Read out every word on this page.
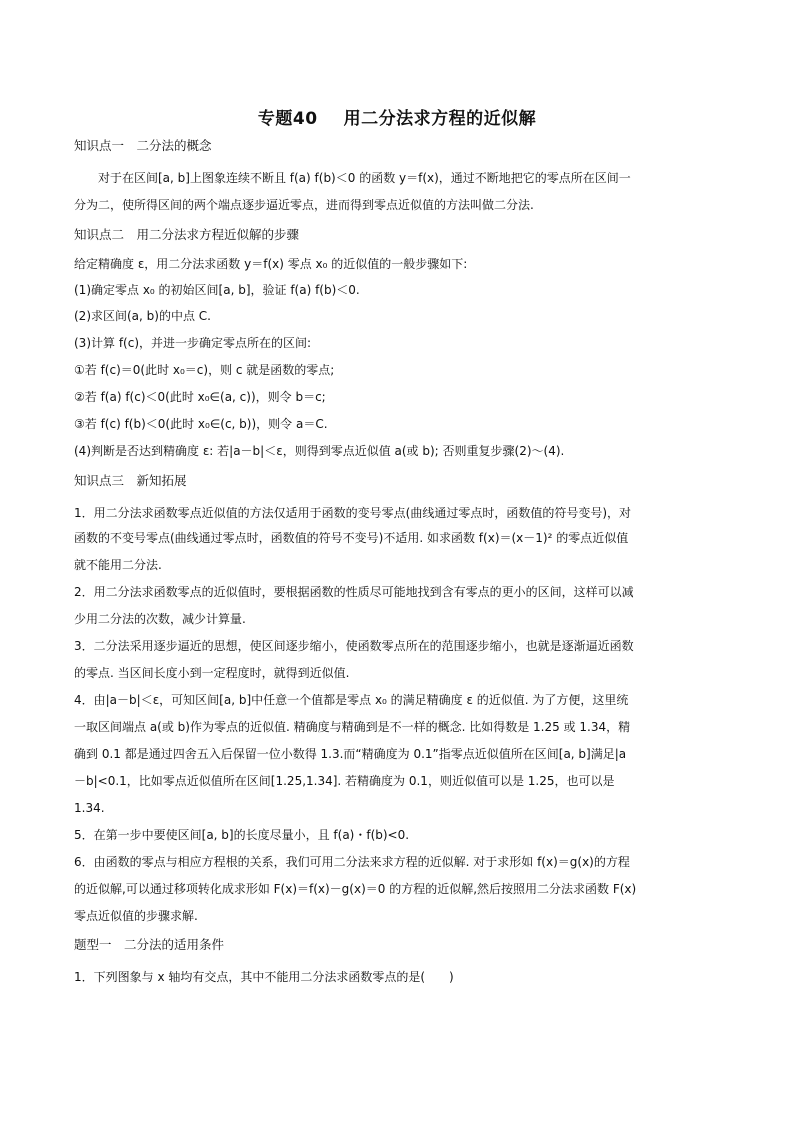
专题40 用二分法求方程的近似解
知识点一　二分法的概念
对于在区间[a, b]上图象连续不断且 f(a) f(b)＜0 的函数 y＝f(x)，通过不断地把它的零点所在区间一
分为二，使所得区间的两个端点逐步逼近零点，进而得到零点近似值的方法叫做二分法.
知识点二　用二分法求方程近似解的步骤
给定精确度 ε，用二分法求函数 y＝f(x) 零点 x₀ 的近似值的一般步骤如下:
(1)确定零点 x₀ 的初始区间[a, b]，验证 f(a) f(b)＜0.
(2)求区间(a, b)的中点 C.
(3)计算 f(c)，并进一步确定零点所在的区间:
①若 f(c)＝0(此时 x₀＝c)，则 c 就是函数的零点;
②若 f(a) f(c)＜0(此时 x₀∈(a, c))，则令 b＝c;
③若 f(c) f(b)＜0(此时 x₀∈(c, b))，则令 a＝C.
(4)判断是否达到精确度 ε: 若|a－b|＜ε，则得到零点近似值 a(或 b); 否则重复步骤(2)～(4).
知识点三　新知拓展
1．用二分法求函数零点近似值的方法仅适用于函数的变号零点(曲线通过零点时，函数值的符号变号)，对
函数的不变号零点(曲线通过零点时，函数值的符号不变号)不适用. 如求函数 f(x)＝(x－1)² 的零点近似值
就不能用二分法.
2．用二分法求函数零点的近似值时，要根据函数的性质尽可能地找到含有零点的更小的区间，这样可以减
少用二分法的次数，减少计算量.
3．二分法采用逐步逼近的思想，使区间逐步缩小，使函数零点所在的范围逐步缩小，也就是逐渐逼近函数
的零点. 当区间长度小到一定程度时，就得到近似值.
4．由|a－b|＜ε，可知区间[a, b]中任意一个值都是零点 x₀ 的满足精确度 ε 的近似值. 为了方便，这里统
一取区间端点 a(或 b)作为零点的近似值. 精确度与精确到是不一样的概念. 比如得数是 1.25 或 1.34，精
确到 0.1 都是通过四舍五入后保留一位小数得 1.3.而“精确度为 0.1”指零点近似值所在区间[a, b]满足|a
－b|<0.1，比如零点近似值所在区间[1.25,1.34]. 若精确度为 0.1，则近似值可以是 1.25，也可以是
1.34.
5．在第一步中要使区间[a, b]的长度尽量小，且 f(a)・f(b)<0.
6．由函数的零点与相应方程根的关系，我们可用二分法来求方程的近似解. 对于求形如 f(x)＝g(x)的方程
的近似解,可以通过移项转化成求形如 F(x)＝f(x)－g(x)＝0 的方程的近似解,然后按照用二分法求函数 F(x)
零点近似值的步骤求解.
题型一　二分法的适用条件
1．下列图象与 x 轴均有交点，其中不能用二分法求函数零点的是(　　)
